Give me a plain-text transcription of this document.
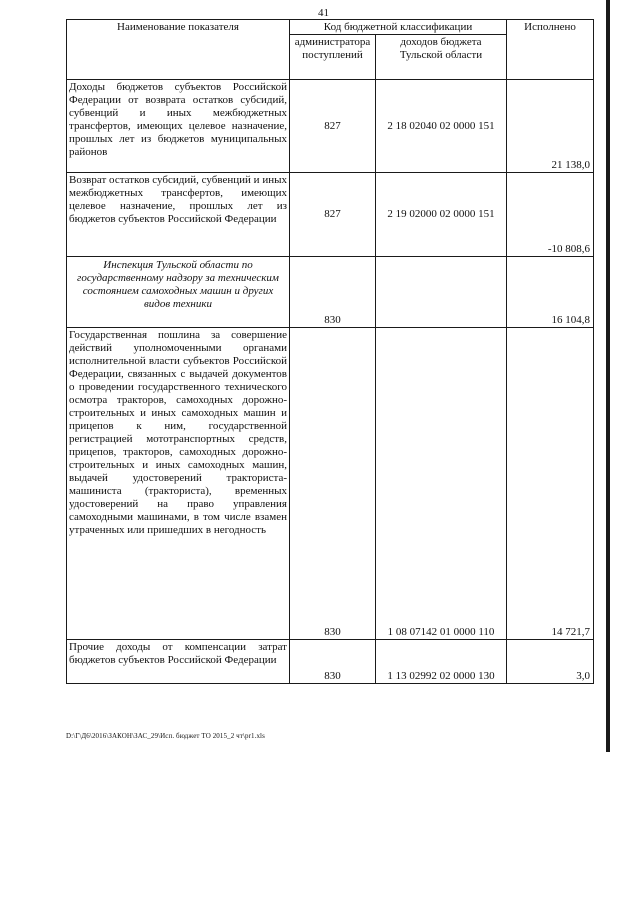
41
Наименование показателя	Код бюджетной классификации		Исполнено
	администратора поступлений	доходов бюджета Тульской области	
Доходы бюджетов субъектов Российской Федерации от возврата остатков субсидий, субвенций и иных межбюджетных трансфертов, имеющих целевое назначение, прошлых лет из бюджетов муниципальных районов	827	2 18 02040 02 0000 151	21 138,0
Возврат остатков субсидий, субвенций и иных межбюджетных трансфертов, имеющих целевое назначение, прошлых лет из бюджетов субъектов Российской Федерации	827	2 19 02000 02 0000 151	-10 808,6
Инспекция Тульской области по государственному надзору за техническим состоянием самоходных машин и других видов техники	830		16 104,8
Государственная пошлина за совершение действий уполномоченными органами исполнительной власти субъектов Российской Федерации, связанных с выдачей документов о проведении государственного технического осмотра тракторов, самоходных дорожно-строительных и иных самоходных машин и прицепов к ним, государственной регистрацией мототранспортных средств, прицепов, тракторов, самоходных дорожно-строительных и иных самоходных машин, выдачей удостоверений тракториста-машиниста (тракториста), временных удостоверений на право управления самоходными машинами, в том числе взамен утраченных или пришедших в негодность	830	1 08 07142 01 0000 110	14 721,7
Прочие доходы от компенсации затрат бюджетов субъектов Российской Федерации	830	1 13 02992 02 0000 130	3,0
D:\Г\Д6\2016\ЗАКОН\ЗАС_29\Исп. бюджет ТО 2015_2 чт\pr1.xls
